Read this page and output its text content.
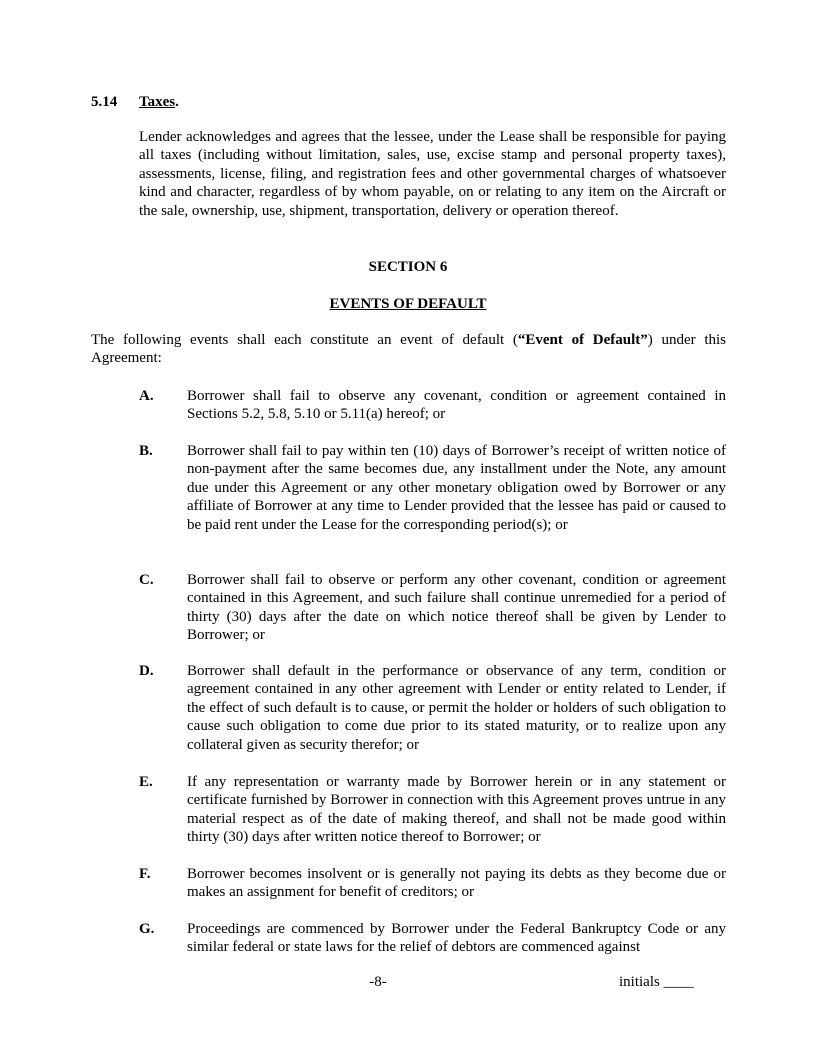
5.14 Taxes.
Lender acknowledges and agrees that the lessee, under the Lease shall be responsible for paying all taxes (including without limitation, sales, use, excise stamp and personal property taxes), assessments, license, filing, and registration fees and other governmental charges of whatsoever kind and character, regardless of by whom payable, on or relating to any item on the Aircraft or the sale, ownership, use, shipment, transportation, delivery or operation thereof.
SECTION 6
EVENTS OF DEFAULT
The following events shall each constitute an event of default (“Event of Default”) under this Agreement:
A. Borrower shall fail to observe any covenant, condition or agreement contained in Sections 5.2, 5.8, 5.10 or 5.11(a) hereof; or
B. Borrower shall fail to pay within ten (10) days of Borrower’s receipt of written notice of non-payment after the same becomes due, any installment under the Note, any amount due under this Agreement or any other monetary obligation owed by Borrower or any affiliate of Borrower at any time to Lender provided that the lessee has paid or caused to be paid rent under the Lease for the corresponding period(s); or
C. Borrower shall fail to observe or perform any other covenant, condition or agreement contained in this Agreement, and such failure shall continue unremedied for a period of thirty (30) days after the date on which notice thereof shall be given by Lender to Borrower; or
D. Borrower shall default in the performance or observance of any term, condition or agreement contained in any other agreement with Lender or entity related to Lender, if the effect of such default is to cause, or permit the holder or holders of such obligation to cause such obligation to come due prior to its stated maturity, or to realize upon any collateral given as security therefor; or
E. If any representation or warranty made by Borrower herein or in any statement or certificate furnished by Borrower in connection with this Agreement proves untrue in any material respect as of the date of making thereof, and shall not be made good within thirty (30) days after written notice thereof to Borrower; or
F. Borrower becomes insolvent or is generally not paying its debts as they become due or makes an assignment for benefit of creditors; or
G. Proceedings are commenced by Borrower under the Federal Bankruptcy Code or any similar federal or state laws for the relief of debtors are commenced against
-8-	initials ____
